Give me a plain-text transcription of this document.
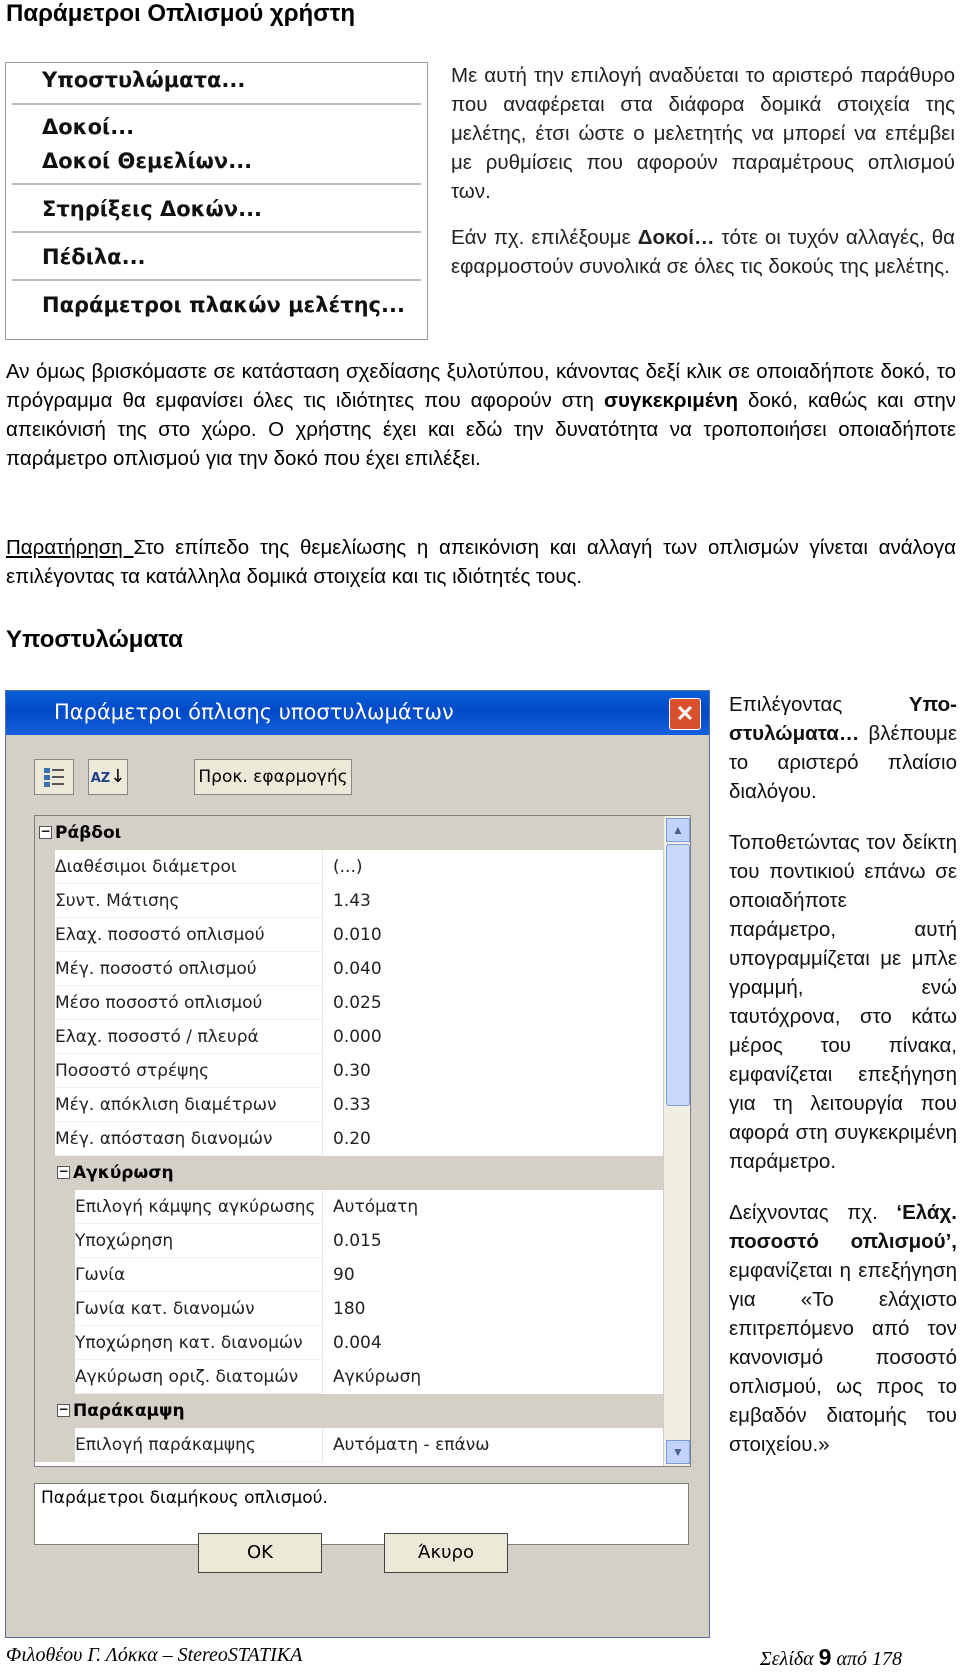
Παράμετροι Οπλισμού χρήστη
Υποστυλώματα...
Δοκοί...
Δοκοί Θεμελίων...
Στηρίξεις Δοκών...
Πέδιλα...
Παράμετροι πλακών μελέτης...

Με αυτή την επιλογή αναδύεται το αριστερό παράθυρο που αναφέρεται στα διάφορα δομικά στοιχεία της μελέτης, έτσι ώστε ο μελετητής να μπορεί να επέμβει με ρυθμίσεις που αφορούν παραμέτρους οπλισμού των.

Εάν πχ. επιλέξουμε Δοκοί… τότε οι τυχόν αλλαγές, θα εφαρμοστούν συνολικά σε όλες τις δοκούς της μελέτης.

Αν όμως βρισκόμαστε σε κατάσταση σχεδίασης ξυλοτύπου, κάνοντας δεξί κλικ σε οποιαδήποτε δοκό, το πρόγραμμα θα εμφανίσει όλες τις ιδιότητες που αφορούν στη συγκεκριμένη δοκό, καθώς και στην απεικόνισή της στο χώρο. Ο χρήστης έχει και εδώ την δυνατότητα να τροποποιήσει οποιαδήποτε παράμετρο οπλισμού για την δοκό που έχει επιλέξει.

Παρατήρηση Στο επίπεδο της θεμελίωσης η απεικόνιση και αλλαγή των οπλισμών γίνεται ανάλογα επιλέγοντας τα κατάλληλα δομικά στοιχεία και τις ιδιότητές τους.
Υποστυλώματα
Παράμετροι όπλισης υποστυλωμάτων	✕
AZ↓	Προκ. εφαρμογής
− Ράβδοι
Διαθέσιμοι διάμετροι	(...)
Συντ. Μάτισης	1.43
Ελαχ. ποσοστό οπλισμού	0.010
Μέγ. ποσοστό οπλισμού	0.040
Μέσο ποσοστό οπλισμού	0.025
Ελαχ. ποσοστό / πλευρά	0.000
Ποσοστό στρέψης	0.30
Μέγ. απόκλιση διαμέτρων	0.33
Μέγ. απόσταση διανομών	0.20
− Αγκύρωση
Επιλογή κάμψης αγκύρωσης	Αυτόματη
Υποχώρηση	0.015
Γωνία	90
Γωνία κατ. διανομών	180
Υποχώρηση κατ. διανομών	0.004
Αγκύρωση οριζ. διατομών	Αγκύρωση
− Παράκαμψη
Επιλογή παράκαμψης	Αυτόματη - επάνω
▲
▼
Παράμετροι διαμήκους οπλισμού.
OK	Άκυρο

Επιλέγοντας Υποστυλώματα… βλέπουμε το αριστερό πλαίσιο διαλόγου.

Τοποθετώντας τον δείκτη του ποντικιού επάνω σε οποιαδήποτε παράμετρο, αυτή υπογραμμίζεται με μπλε γραμμή, ενώ ταυτόχρονα, στο κάτω μέρος του πίνακα, εμφανίζεται επεξήγηση για τη λειτουργία που αφορά στη συγκεκριμένη παράμετρο.

Δείχνοντας πχ. ‘Ελάχ. ποσοστό οπλισμού’, εμφανίζεται η επεξήγηση για «Το ελάχιστο επιτρεπόμενο από τον κανονισμό ποσοστό οπλισμού, ως προς το εμβαδόν διατομής του στοιχείου.»

Φιλοθέου Γ. Λόκκα – StereoSTATIKA	Σελίδα 9 από 178
